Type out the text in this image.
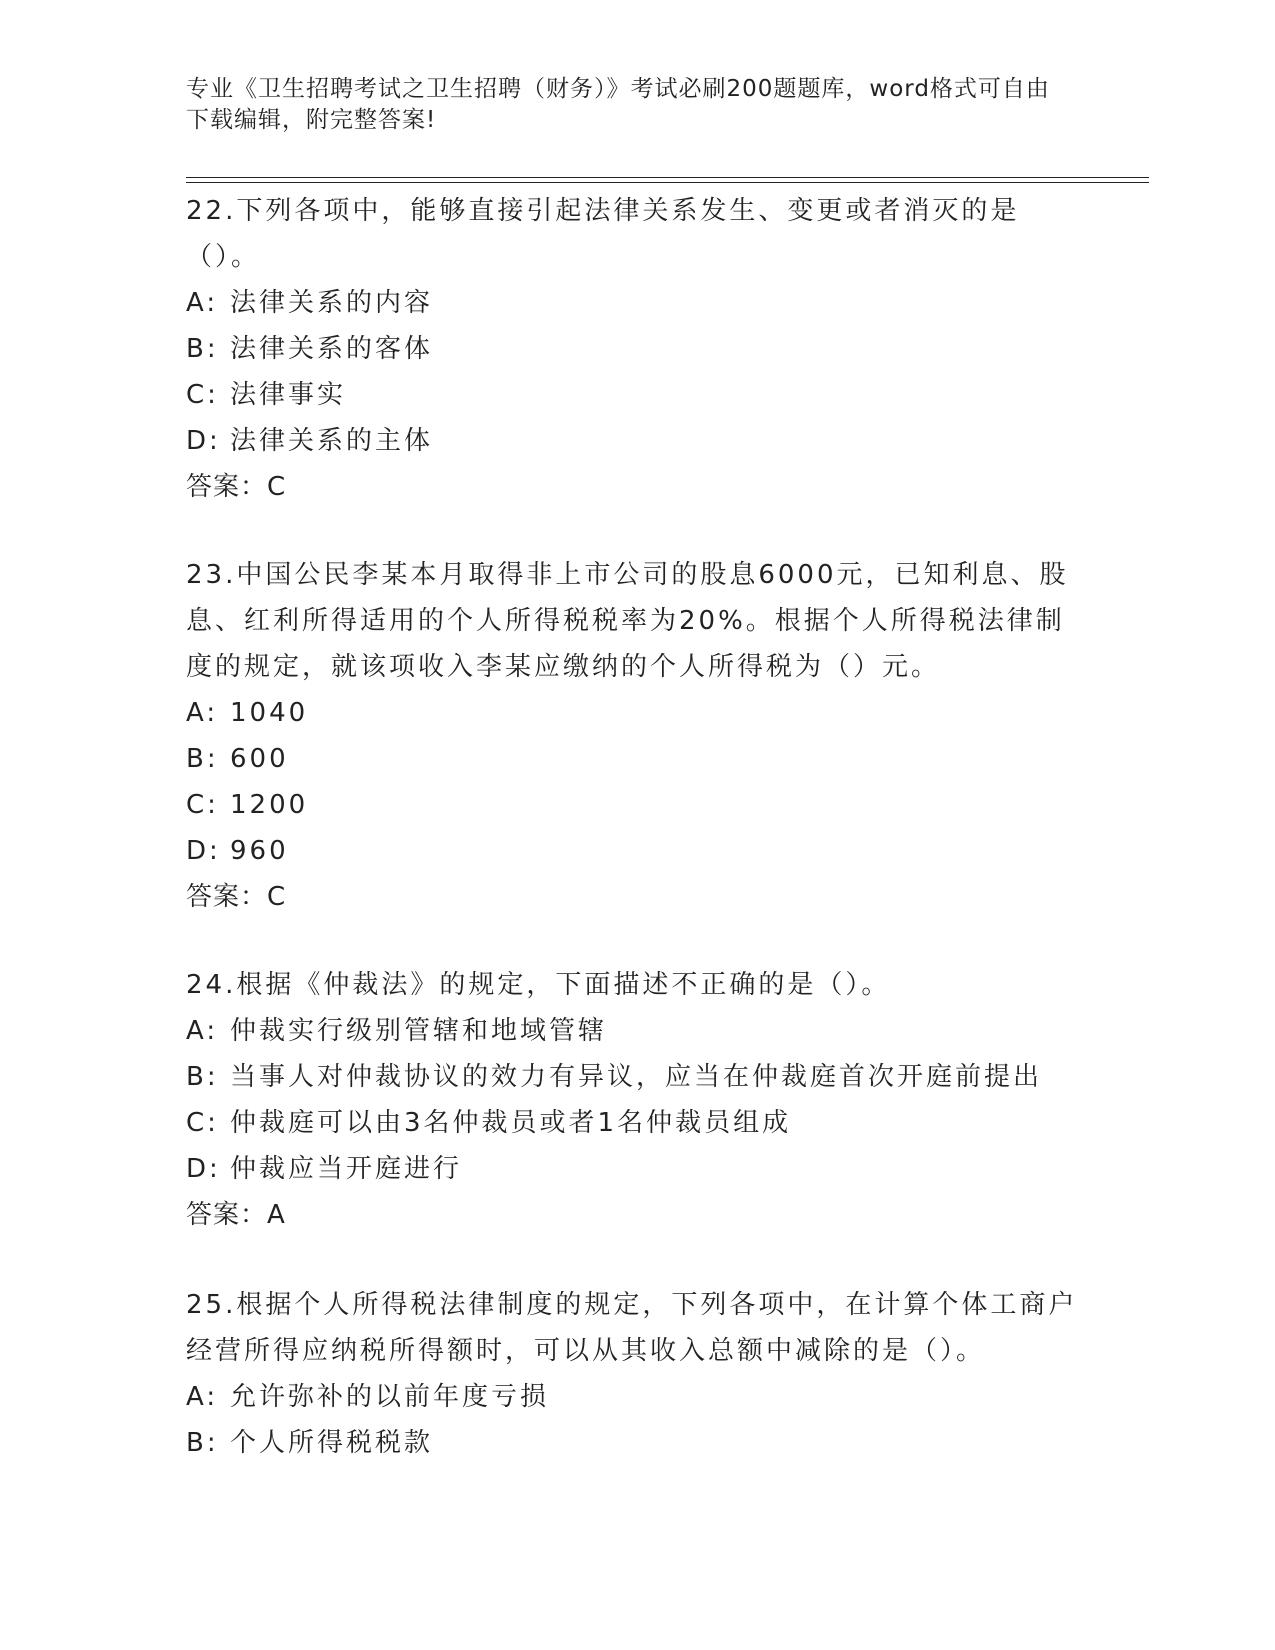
专业《卫生招聘考试之卫生招聘（财务）》考试必刷200题题库，word格式可自由下载编辑，附完整答案!

22.下列各项中，能够直接引起法律关系发生、变更或者消灭的是（）。

A: 法律关系的内容

B: 法律关系的客体

C: 法律事实

D: 法律关系的主体

答案：C

23.中国公民李某本月取得非上市公司的股息6000元，已知利息、股息、红利所得适用的个人所得税税率为20%。根据个人所得税法律制度的规定，就该项收入李某应缴纳的个人所得税为（）元。

A: 1040

B: 600

C: 1200

D: 960

答案：C

24.根据《仲裁法》的规定，下面描述不正确的是（）。

A: 仲裁实行级别管辖和地域管辖

B: 当事人对仲裁协议的效力有异议，应当在仲裁庭首次开庭前提出

C: 仲裁庭可以由3名仲裁员或者1名仲裁员组成

D: 仲裁应当开庭进行

答案：A

25.根据个人所得税法律制度的规定，下列各项中，在计算个体工商户经营所得应纳税所得额时，可以从其收入总额中减除的是（）。

A: 允许弥补的以前年度亏损

B: 个人所得税税款
